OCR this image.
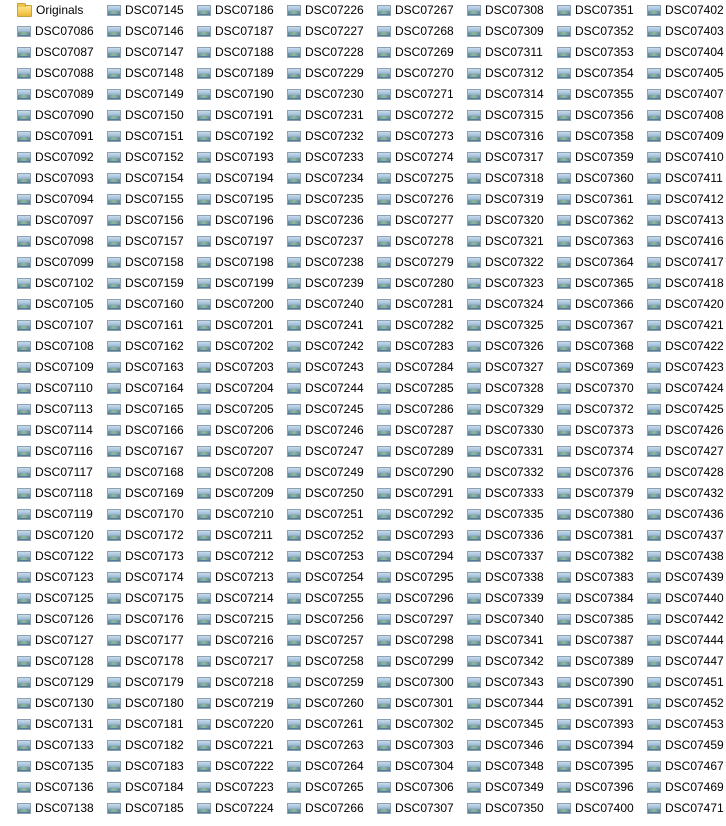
Originals
DSC07086
DSC07087
DSC07088
DSC07089
DSC07090
DSC07091
DSC07092
DSC07093
DSC07094
DSC07097
DSC07098
DSC07099
DSC07102
DSC07105
DSC07107
DSC07108
DSC07109
DSC07110
DSC07113
DSC07114
DSC07116
DSC07117
DSC07118
DSC07119
DSC07120
DSC07122
DSC07123
DSC07125
DSC07126
DSC07127
DSC07128
DSC07129
DSC07130
DSC07131
DSC07133
DSC07135
DSC07136
DSC07138
DSC07145
DSC07146
DSC07147
DSC07148
DSC07149
DSC07150
DSC07151
DSC07152
DSC07154
DSC07155
DSC07156
DSC07157
DSC07158
DSC07159
DSC07160
DSC07161
DSC07162
DSC07163
DSC07164
DSC07165
DSC07166
DSC07167
DSC07168
DSC07169
DSC07170
DSC07172
DSC07173
DSC07174
DSC07175
DSC07176
DSC07177
DSC07178
DSC07179
DSC07180
DSC07181
DSC07182
DSC07183
DSC07184
DSC07185
DSC07186
DSC07187
DSC07188
DSC07189
DSC07190
DSC07191
DSC07192
DSC07193
DSC07194
DSC07195
DSC07196
DSC07197
DSC07198
DSC07199
DSC07200
DSC07201
DSC07202
DSC07203
DSC07204
DSC07205
DSC07206
DSC07207
DSC07208
DSC07209
DSC07210
DSC07211
DSC07212
DSC07213
DSC07214
DSC07215
DSC07216
DSC07217
DSC07218
DSC07219
DSC07220
DSC07221
DSC07222
DSC07223
DSC07224
DSC07226
DSC07227
DSC07228
DSC07229
DSC07230
DSC07231
DSC07232
DSC07233
DSC07234
DSC07235
DSC07236
DSC07237
DSC07238
DSC07239
DSC07240
DSC07241
DSC07242
DSC07243
DSC07244
DSC07245
DSC07246
DSC07247
DSC07249
DSC07250
DSC07251
DSC07252
DSC07253
DSC07254
DSC07255
DSC07256
DSC07257
DSC07258
DSC07259
DSC07260
DSC07261
DSC07263
DSC07264
DSC07265
DSC07266
DSC07267
DSC07268
DSC07269
DSC07270
DSC07271
DSC07272
DSC07273
DSC07274
DSC07275
DSC07276
DSC07277
DSC07278
DSC07279
DSC07280
DSC07281
DSC07282
DSC07283
DSC07284
DSC07285
DSC07286
DSC07287
DSC07289
DSC07290
DSC07291
DSC07292
DSC07293
DSC07294
DSC07295
DSC07296
DSC07297
DSC07298
DSC07299
DSC07300
DSC07301
DSC07302
DSC07303
DSC07304
DSC07306
DSC07307
DSC07308
DSC07309
DSC07311
DSC07312
DSC07314
DSC07315
DSC07316
DSC07317
DSC07318
DSC07319
DSC07320
DSC07321
DSC07322
DSC07323
DSC07324
DSC07325
DSC07326
DSC07327
DSC07328
DSC07329
DSC07330
DSC07331
DSC07332
DSC07333
DSC07335
DSC07336
DSC07337
DSC07338
DSC07339
DSC07340
DSC07341
DSC07342
DSC07343
DSC07344
DSC07345
DSC07346
DSC07348
DSC07349
DSC07350
DSC07351
DSC07352
DSC07353
DSC07354
DSC07355
DSC07356
DSC07358
DSC07359
DSC07360
DSC07361
DSC07362
DSC07363
DSC07364
DSC07365
DSC07366
DSC07367
DSC07368
DSC07369
DSC07370
DSC07372
DSC07373
DSC07374
DSC07376
DSC07379
DSC07380
DSC07381
DSC07382
DSC07383
DSC07384
DSC07385
DSC07387
DSC07389
DSC07390
DSC07391
DSC07393
DSC07394
DSC07395
DSC07396
DSC07400
DSC07402
DSC07403
DSC07404
DSC07405
DSC07407
DSC07408
DSC07409
DSC07410
DSC07411
DSC07412
DSC07413
DSC07416
DSC07417
DSC07418
DSC07420
DSC07421
DSC07422
DSC07423
DSC07424
DSC07425
DSC07426
DSC07427
DSC07428
DSC07432
DSC07436
DSC07437
DSC07438
DSC07439
DSC07440
DSC07442
DSC07444
DSC07447
DSC07451
DSC07452
DSC07453
DSC07459
DSC07467
DSC07469
DSC07471
